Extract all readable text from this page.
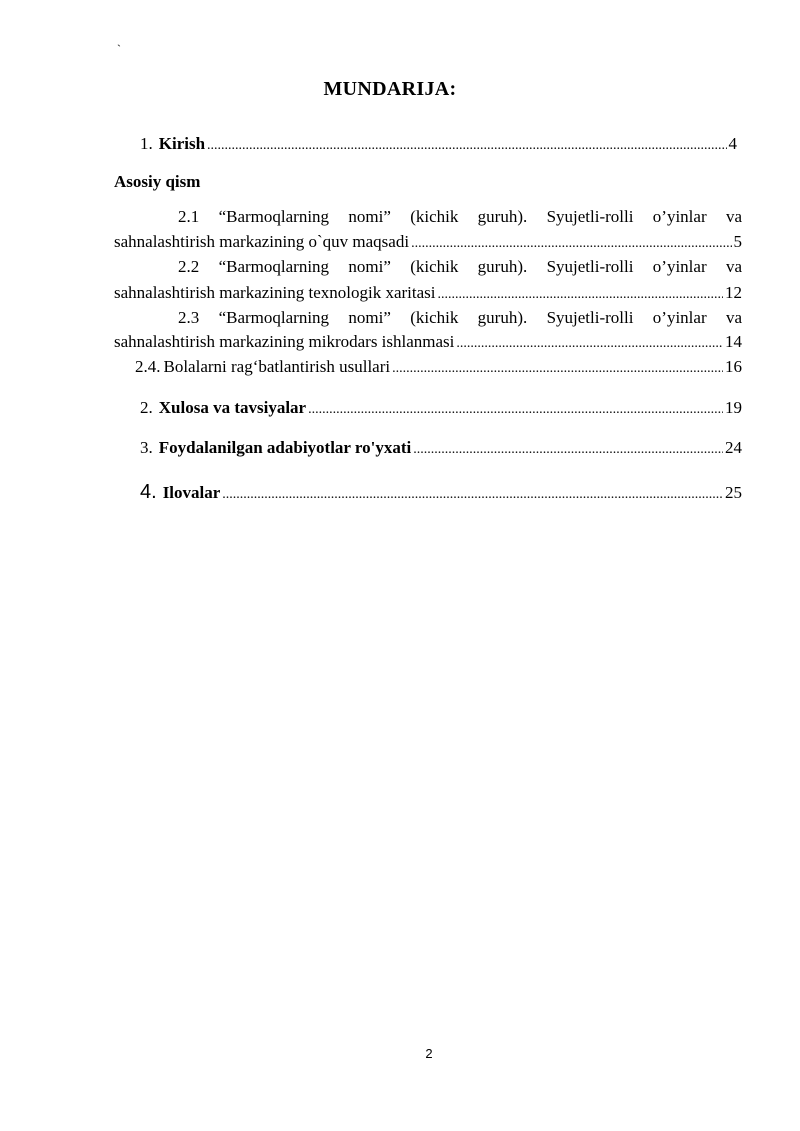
`
MUNDARIJA:
1. Kirish .....	4
Asosiy qism
2.1 “Barmoqlarning nomi” (kichik guruh). Syujetli-rolli o’yinlar va
sahnalashtirish markazining o`quv maqsadi .....	5
2.2 “Barmoqlarning nomi” (kichik guruh). Syujetli-rolli o’yinlar va
sahnalashtirish markazining texnologik xaritasi .....	12
2.3 “Barmoqlarning nomi” (kichik guruh). Syujetli-rolli o’yinlar va
sahnalashtirish markazining mikrodars ishlanmasi .....	14
2.4. Bolalarni rag‘batlantirish usullari .....	16
2. Xulosa va tavsiyalar .....	19
3. Foydalanilgan adabiyotlar ro'yxati .....	24
4. Ilovalar .....	25
2
